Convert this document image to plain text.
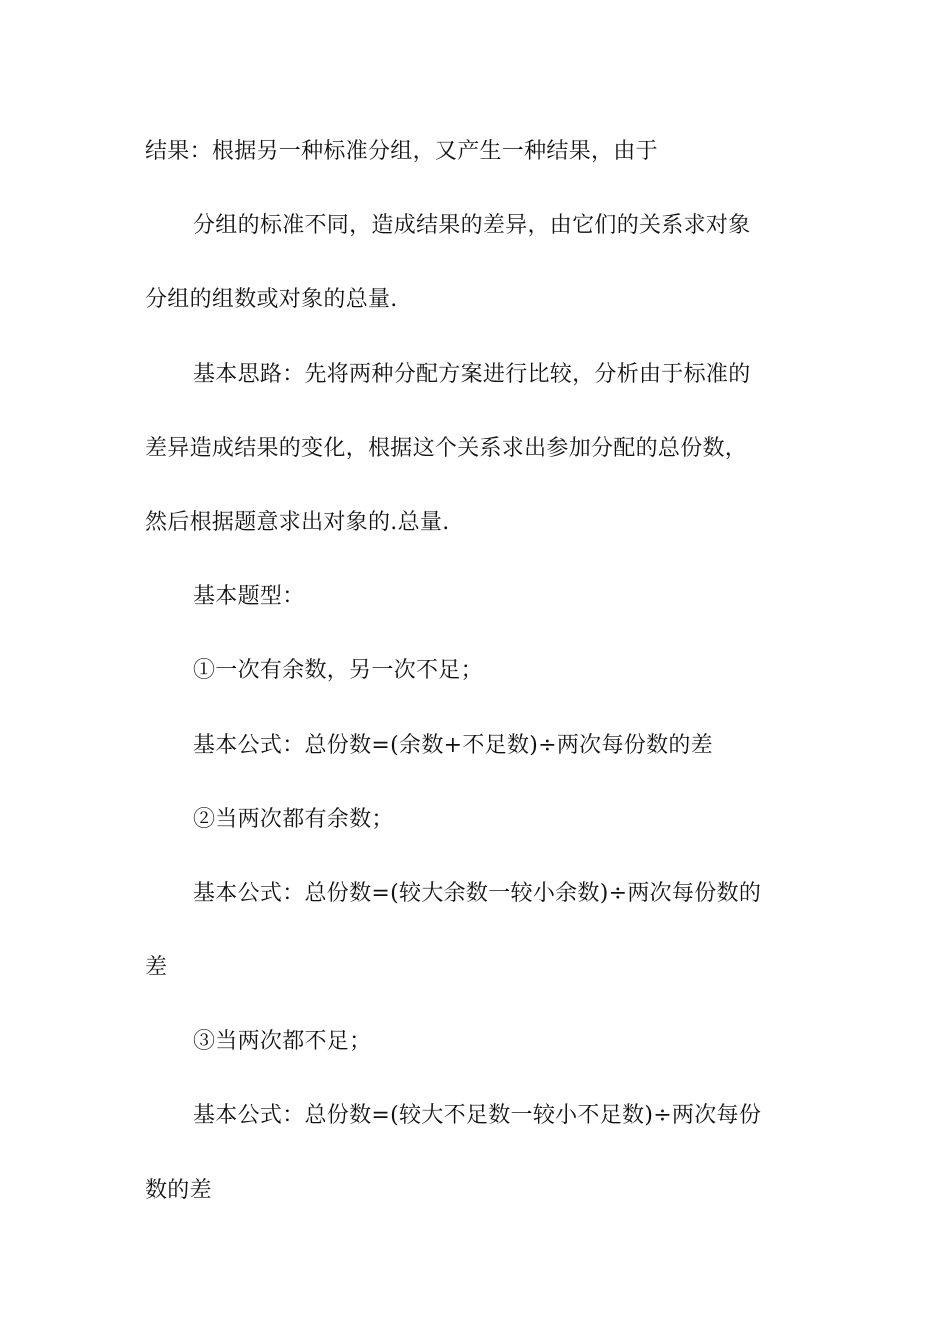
结果：根据另一种标准分组，又产生一种结果，由于
分组的标准不同，造成结果的差异，由它们的关系求对象
分组的组数或对象的总量.
基本思路：先将两种分配方案进行比较，分析由于标准的
差异造成结果的变化，根据这个关系求出参加分配的总份数，
然后根据题意求出对象的.总量.
基本题型：
①一次有余数，另一次不足；
基本公式：总份数=(余数+不足数)÷两次每份数的差
②当两次都有余数；
基本公式：总份数=(较大余数一较小余数)÷两次每份数的
差
③当两次都不足；
基本公式：总份数=(较大不足数一较小不足数)÷两次每份
数的差
